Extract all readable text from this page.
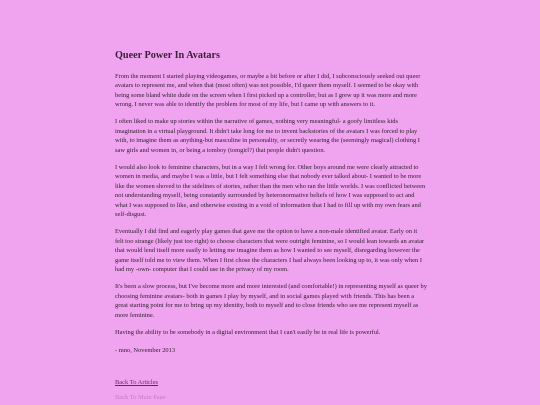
Queer Power In Avatars

From the moment I started playing videogames, or maybe a bit before or after I did, I subconsciously seeked out queer avatars to represent me, and when that (most often) was not possible, I'd queer them myself. I seemed to be okay with being some bland white dude on the screen when I first picked up a controller, but as I grew up it was more and more wrong. I never was able to identify the problem for most of my life, but I came up with answers to it.

I often liked to make up stories within the narrative of games, nothing very meaningful- a goofy limitless kids imagination in a virtual playground. It didn't take long for me to invent backstories of the avaiars I was forced to play with, to imagine them as anything-but masculine in personality, or secretly wearing the (seemingly magical) clothing I saw girls and women in, or being a tomboy (tomgirl?) that people didn't question.

I would also look to feminine characters, but in a way I felt wrong for. Other boys around me were clearly attracted to women in media, and maybe I was a little, but I felt something else that nobody ever talked about- I wanted to be more like the women shoved to the sidelines of stories, rather than the men who ran the little worlds. I was conflicted between not understanding myself, being constantly surrounded by heteronormative beliefs of how I was supposed to act and what I was supposed to like, and otherwise existing in a void of information that I had to fill up with my own fears and self-disgust.

Eventually I did find and eagerly play games that gave me the option to have a non-male identified avatar. Early on it felt too strange (likely just too right) to choose characters that were outright feminine, so I would lean towards an avatar that would lend itself more easily to letting me imagine them as how I wanted to see myself, disregarding however the game itself told me to view them. When I first chose the characters I had always been looking up to, it was only when I had my -own- computer that I could use in the privacy of my room.

It's been a slow process, but I've become more and more interested (and comfortable!) in representing myself as queer by choosing feminine avatars- both in games I play by myself, and in social games played with friends. This has been a great starting point for me to bring up my identity, both to myself and to close friends who see me represent myself as more feminine.

Having the ability to be somebody in a digital environment that I can't easily be in real life is powerful.

- mno, November 2013

Back To Articles
Back To Main Page
